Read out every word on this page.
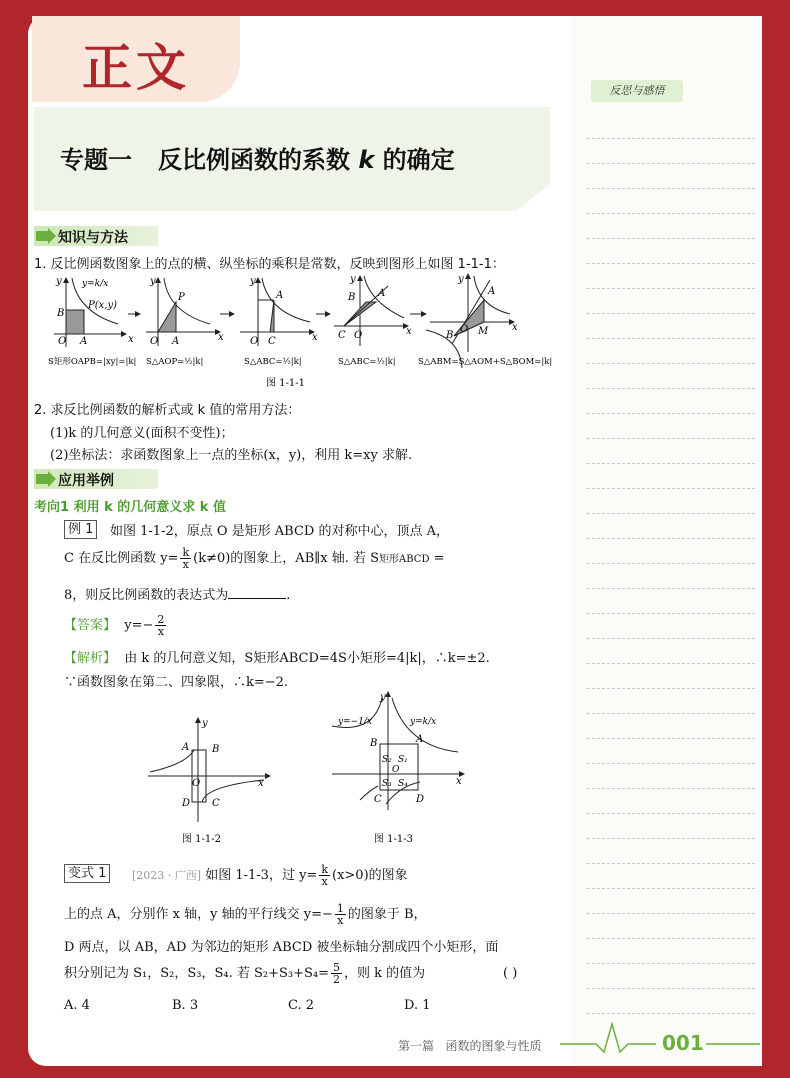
反思与感悟
正文
专题一 反比例函数的系数 k 的确定
知识与方法
1. 反比例函数图象上的点的横、纵坐标的乘积是常数，反映到图形上如图 1-1-1：
B
A
O
P(x,y)
y=k/x
x
y
P
O A	x
y
A
O C	x
y
B A
C O	x
y
A
B
O M x
y
S矩形OAPB=|xy|=|k| S△AOP=½|k|	S△ABC=½|k|	S△ABC=½|k|	S△ABM=S△AOM+S△BOM=|k|
图 1-1-1
2. 求反比例函数的解析式或 k 值的常用方法：
(1)k 的几何意义(面积不变性)；
(2)坐标法：求函数图象上一点的坐标(x，y)，利用 k=xy 求解.
应用举例
考向1 利用 k 的几何意义求 k 值
例 1	如图 1-1-2，原点 O 是矩形 ABCD 的对称中心，顶点 A，
C 在反比例函数 $y= \frac{k}{x} (k\ne 0)$的图象上，AB∥x 轴. 若 S矩形ABCD =
8，则反比例函数的表达式为	.
【答案】 $y=- \frac{2}{x}$
【解析】 由 k 的几何意义知，S矩形ABCD=4S小矩形=4|k|，∴k=±2.
∵函数图象在第二、四象限，∴k=−2.
A B
O
D C
x
y
图 1-1-2
B	A
S₂ S₁
O
S₃ S₄
C	D
x
y
y=−1/x	y=k/x
图 1-1-3
变式 1	[2023 · 广西] 如图 1-1-3，过 $y= \frac{k}{x} (x>0)$的图象
上的点 A，分别作 x 轴，y 轴的平行线交 $y=- \frac{1}{x}$ 的图象于 B，
D 两点，以 AB，AD 为邻边的矩形 ABCD 被坐标轴分割成四个小矩形，面
积分别记为 S₁，S₂，S₃，S₄. 若 $S_2+S_3+S_4= \frac{5}{2}$ ，则 k 的值为	( )
A. 4	B. 3	C. 2	D. 1
第一篇 函数的图象与性质	001
